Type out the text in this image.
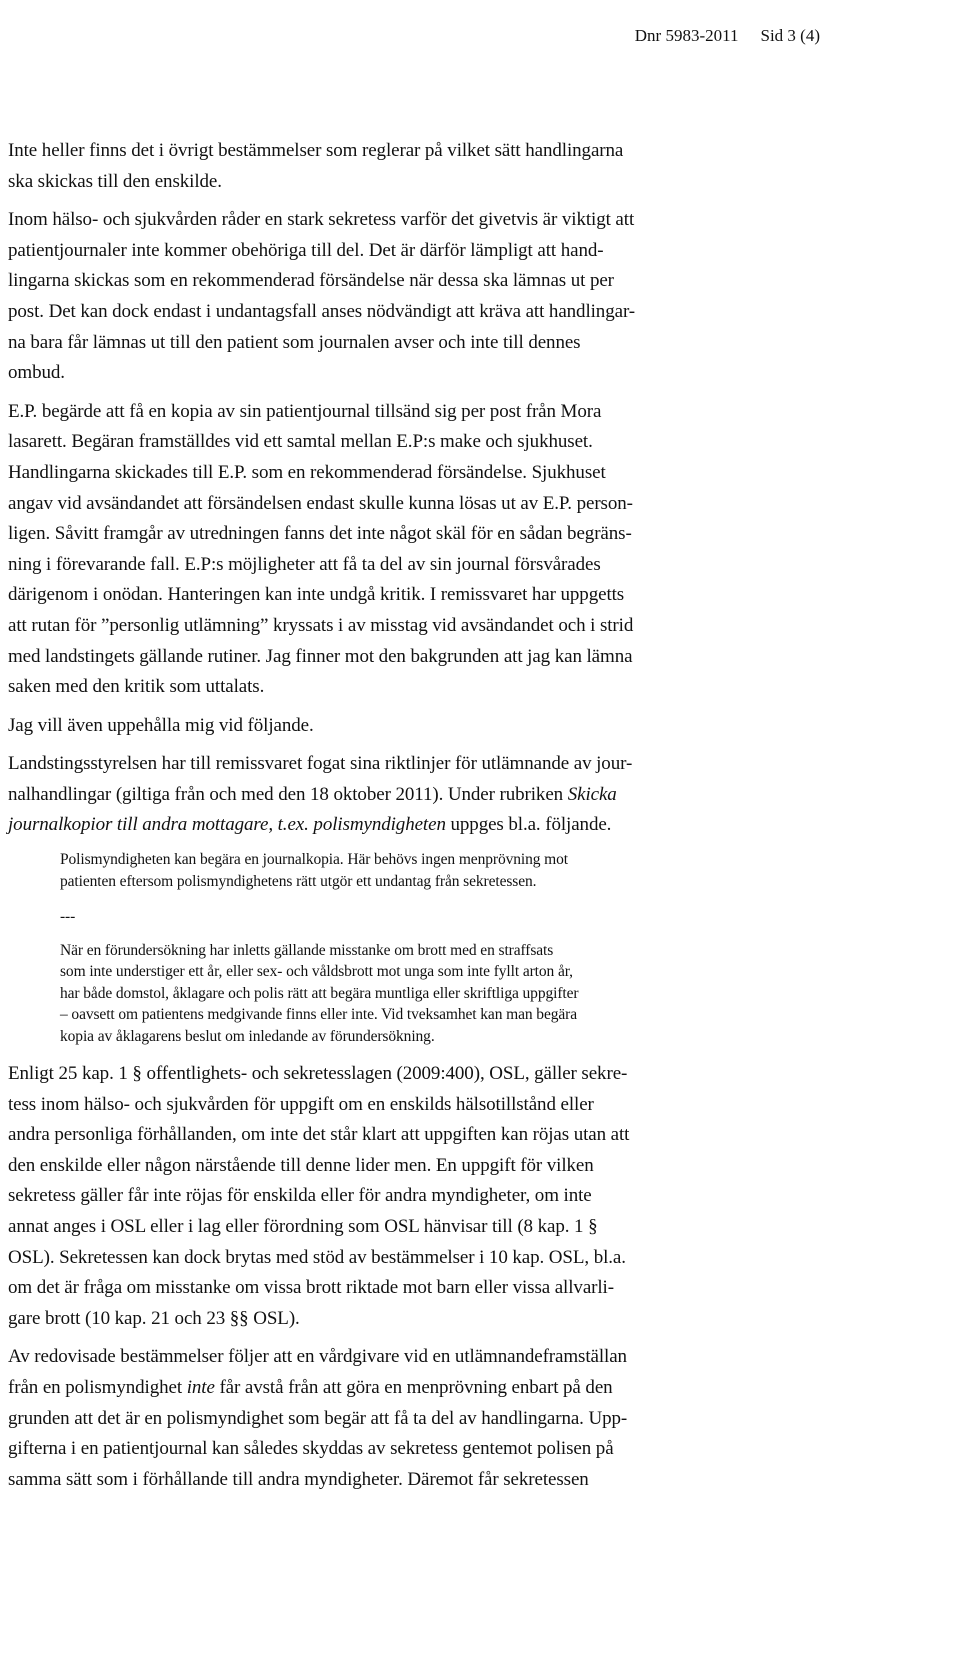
Dnr 5983-2011 Sid 3 (4)
Inte heller finns det i övrigt bestämmelser som reglerar på vilket sätt handlingarna
ska skickas till den enskilde.
Inom hälso- och sjukvården råder en stark sekretess varför det givetvis är viktigt att
patientjournaler inte kommer obehöriga till del. Det är därför lämpligt att hand-
lingarna skickas som en rekommenderad försändelse när dessa ska lämnas ut per
post. Det kan dock endast i undantagsfall anses nödvändigt att kräva att handlingar-
na bara får lämnas ut till den patient som journalen avser och inte till dennes
ombud.
E.P. begärde att få en kopia av sin patientjournal tillsänd sig per post från Mora
lasarett. Begäran framställdes vid ett samtal mellan E.P:s make och sjukhuset.
Handlingarna skickades till E.P. som en rekommenderad försändelse. Sjukhuset
angav vid avsändandet att försändelsen endast skulle kunna lösas ut av E.P. person-
ligen. Såvitt framgår av utredningen fanns det inte något skäl för en sådan begräns-
ning i förevarande fall. E.P:s möjligheter att få ta del av sin journal försvårades
därigenom i onödan. Hanteringen kan inte undgå kritik. I remissvaret har uppgetts
att rutan för ”personlig utlämning” kryssats i av misstag vid avsändandet och i strid
med landstingets gällande rutiner. Jag finner mot den bakgrunden att jag kan lämna
saken med den kritik som uttalats.
Jag vill även uppehålla mig vid följande.
Landstingsstyrelsen har till remissvaret fogat sina riktlinjer för utlämnande av jour-
nalhandlingar (giltiga från och med den 18 oktober 2011). Under rubriken Skicka
journalkopior till andra mottagare, t.ex. polismyndigheten uppges bl.a. följande.
Polismyndigheten kan begära en journalkopia. Här behövs ingen menprövning mot
patienten eftersom polismyndighetens rätt utgör ett undantag från sekretessen.
---
När en förundersökning har inletts gällande misstanke om brott med en straffsats
som inte understiger ett år, eller sex- och våldsbrott mot unga som inte fyllt arton år,
har både domstol, åklagare och polis rätt att begära muntliga eller skriftliga uppgifter
– oavsett om patientens medgivande finns eller inte. Vid tveksamhet kan man begära
kopia av åklagarens beslut om inledande av förundersökning.
Enligt 25 kap. 1 § offentlighets- och sekretesslagen (2009:400), OSL, gäller sekre-
tess inom hälso- och sjukvården för uppgift om en enskilds hälsotillstånd eller
andra personliga förhållanden, om inte det står klart att uppgiften kan röjas utan att
den enskilde eller någon närstående till denne lider men. En uppgift för vilken
sekretess gäller får inte röjas för enskilda eller för andra myndigheter, om inte
annat anges i OSL eller i lag eller förordning som OSL hänvisar till (8 kap. 1 §
OSL). Sekretessen kan dock brytas med stöd av bestämmelser i 10 kap. OSL, bl.a.
om det är fråga om misstanke om vissa brott riktade mot barn eller vissa allvarli-
gare brott (10 kap. 21 och 23 §§ OSL).
Av redovisade bestämmelser följer att en vårdgivare vid en utlämnandeframställan
från en polismyndighet inte får avstå från att göra en menprövning enbart på den
grunden att det är en polismyndighet som begär att få ta del av handlingarna. Upp-
gifterna i en patientjournal kan således skyddas av sekretess gentemot polisen på
samma sätt som i förhållande till andra myndigheter. Däremot får sekretessen
